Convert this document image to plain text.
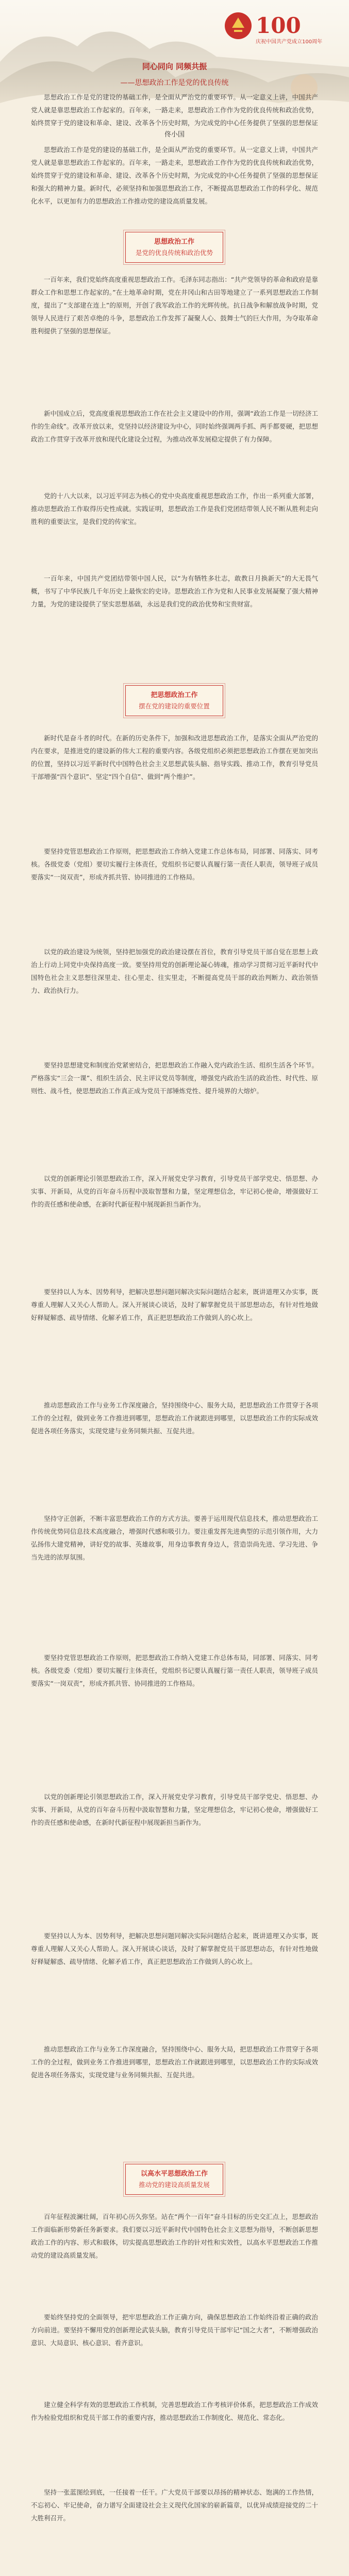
100
庆祝中国共产党成立100周年
同心同向 同频共振
——思想政治工作是党的优良传统

思想政治工作是党的建设的基础工作，是全面从严治党的重要环节。从一定意义上讲，中国共产党人就是靠思想政治工作起家的。百年来，一路走来，思想政治工作作为党的优良传统和政治优势，始终贯穿于党的建设和革命、建设、改革各个历史时期，为完成党的中心任务提供了坚强的思想保证

佟小国

思想政治工作是党的建设的基础工作，是全面从严治党的重要环节。从一定意义上讲，中国共产党人就是靠思想政治工作起家的。百年来，一路走来，思想政治工作作为党的优良传统和政治优势，始终贯穿于党的建设和革命、建设、改革各个历史时期，为完成党的中心任务提供了坚强的思想保证和强大的精神力量。新时代，必须坚持和加强思想政治工作，不断提高思想政治工作的科学化、规范化水平，以更加有力的思想政治工作推动党的建设高质量发展。

思想政治工作
是党的优良传统和政治优势

一百年来，我们党始终高度重视思想政治工作。毛泽东同志指出：“共产党领导的革命和政府是靠群众工作和思想工作起家的。”在土地革命时期，党在井冈山和古田等地建立了一系列思想政治工作制度，提出了“支部建在连上”的原则，开创了我军政治工作的光辉传统。抗日战争和解放战争时期，党领导人民进行了艰苦卓绝的斗争，思想政治工作发挥了凝聚人心、鼓舞士气的巨大作用，为夺取革命胜利提供了坚强的思想保证。

新中国成立后，党高度重视思想政治工作在社会主义建设中的作用，强调“政治工作是一切经济工作的生命线”。改革开放以来，党坚持以经济建设为中心，同时始终强调两手抓、两手都要硬，把思想政治工作贯穿于改革开放和现代化建设全过程，为推动改革发展稳定提供了有力保障。

党的十八大以来，以习近平同志为核心的党中央高度重视思想政治工作，作出一系列重大部署，推动思想政治工作取得历史性成就。实践证明，思想政治工作是我们党团结带领人民不断从胜利走向胜利的重要法宝，是我们党的传家宝。

一百年来，中国共产党团结带领中国人民，以“为有牺牲多壮志，敢教日月换新天”的大无畏气概，书写了中华民族几千年历史上最恢宏的史诗。思想政治工作为党和人民事业发展凝聚了强大精神力量，为党的建设提供了坚实思想基础，永远是我们党的政治优势和宝贵财富。

把思想政治工作
摆在党的建设的重要位置

新时代是奋斗者的时代。在新的历史条件下，加强和改进思想政治工作，是落实全面从严治党的内在要求，是推进党的建设新的伟大工程的重要内容。各级党组织必须把思想政治工作摆在更加突出的位置，坚持以习近平新时代中国特色社会主义思想武装头脑、指导实践、推动工作，教育引导党员干部增强“四个意识”、坚定“四个自信”、做到“两个维护”。

要坚持党管思想政治工作原则，把思想政治工作纳入党建工作总体布局，同部署、同落实、同考核。各级党委（党组）要切实履行主体责任，党组织书记要认真履行第一责任人职责，领导班子成员要落实“一岗双责”，形成齐抓共管、协同推进的工作格局。

以党的政治建设为统领，坚持把加强党的政治建设摆在首位，教育引导党员干部自觉在思想上政治上行动上同党中央保持高度一致。要坚持用党的创新理论凝心铸魂，推动学习贯彻习近平新时代中国特色社会主义思想往深里走、往心里走、往实里走，不断提高党员干部的政治判断力、政治领悟力、政治执行力。

要坚持思想建党和制度治党紧密结合，把思想政治工作融入党内政治生活、组织生活各个环节。严格落实“三会一课”、组织生活会、民主评议党员等制度，增强党内政治生活的政治性、时代性、原则性、战斗性，使思想政治工作真正成为党员干部锤炼党性、提升境界的大熔炉。

以党的创新理论引领思想政治工作，深入开展党史学习教育，引导党员干部学党史、悟思想、办实事、开新局，从党的百年奋斗历程中汲取智慧和力量，坚定理想信念，牢记初心使命，增强做好工作的责任感和使命感，在新时代新征程中展现新担当新作为。

要坚持以人为本、因势利导，把解决思想问题同解决实际问题结合起来，既讲道理又办实事，既尊重人理解人又关心人帮助人。深入开展谈心谈话，及时了解掌握党员干部思想动态，有针对性地做好释疑解惑、疏导情绪、化解矛盾工作，真正把思想政治工作做到人的心坎上。

推动思想政治工作与业务工作深度融合，坚持围绕中心、服务大局，把思想政治工作贯穿于各项工作的全过程，做到业务工作推进到哪里，思想政治工作就跟进到哪里，以思想政治工作的实际成效促进各项任务落实，实现党建与业务同频共振、互促共进。

坚持守正创新，不断丰富思想政治工作的方式方法。要善于运用现代信息技术，推动思想政治工作传统优势同信息技术高度融合，增强时代感和吸引力。要注重发挥先进典型的示范引领作用，大力弘扬伟大建党精神，讲好党的故事、英雄故事，用身边事教育身边人，营造崇尚先进、学习先进、争当先进的浓厚氛围。

要坚持党管思想政治工作原则，把思想政治工作纳入党建工作总体布局，同部署、同落实、同考核。各级党委（党组）要切实履行主体责任，党组织书记要认真履行第一责任人职责，领导班子成员要落实“一岗双责”，形成齐抓共管、协同推进的工作格局。

以党的创新理论引领思想政治工作，深入开展党史学习教育，引导党员干部学党史、悟思想、办实事、开新局，从党的百年奋斗历程中汲取智慧和力量，坚定理想信念，牢记初心使命，增强做好工作的责任感和使命感，在新时代新征程中展现新担当新作为。

要坚持以人为本、因势利导，把解决思想问题同解决实际问题结合起来，既讲道理又办实事，既尊重人理解人又关心人帮助人。深入开展谈心谈话，及时了解掌握党员干部思想动态，有针对性地做好释疑解惑、疏导情绪、化解矛盾工作，真正把思想政治工作做到人的心坎上。

推动思想政治工作与业务工作深度融合，坚持围绕中心、服务大局，把思想政治工作贯穿于各项工作的全过程，做到业务工作推进到哪里，思想政治工作就跟进到哪里，以思想政治工作的实际成效促进各项任务落实，实现党建与业务同频共振、互促共进。

以高水平思想政治工作
推动党的建设高质量发展

百年征程波澜壮阔，百年初心历久弥坚。站在“两个一百年”奋斗目标的历史交汇点上，思想政治工作面临新形势新任务新要求。我们要以习近平新时代中国特色社会主义思想为指导，不断创新思想政治工作的内容、形式和载体，切实提高思想政治工作的针对性和实效性，以高水平思想政治工作推动党的建设高质量发展。

要始终坚持党的全面领导，把牢思想政治工作正确方向，确保思想政治工作始终沿着正确的政治方向前进。要坚持不懈用党的创新理论武装头脑，教育引导党员干部牢记“国之大者”，不断增强政治意识、大局意识、核心意识、看齐意识。

建立健全科学有效的思想政治工作机制，完善思想政治工作考核评价体系，把思想政治工作成效作为检验党组织和党员干部工作的重要内容，推动思想政治工作制度化、规范化、常态化。

坚持一张蓝图绘到底，一任接着一任干。广大党员干部要以昂扬的精神状态、饱满的工作热情，不忘初心、牢记使命，奋力谱写全面建设社会主义现代化国家的崭新篇章，以优异成绩迎接党的二十大胜利召开。
